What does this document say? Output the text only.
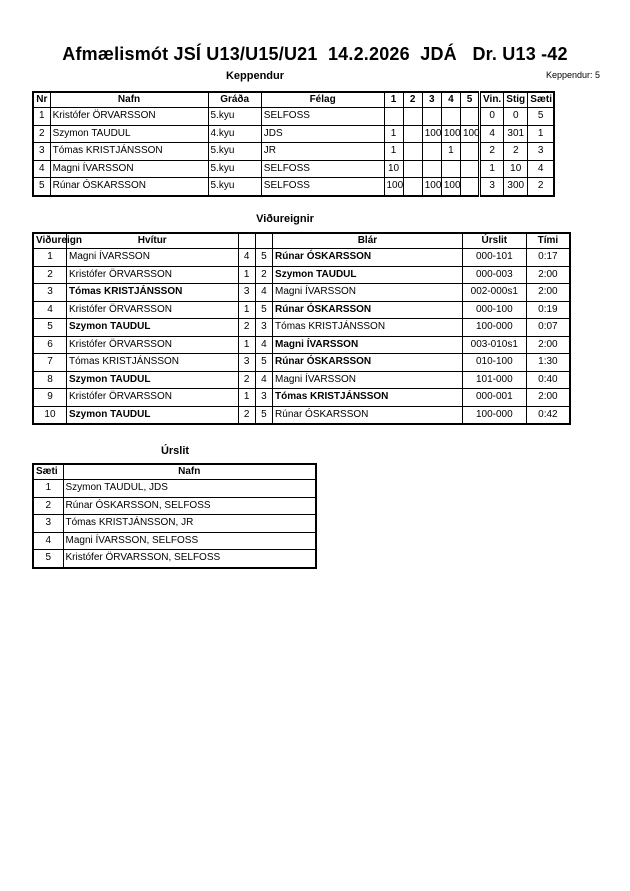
Afmælismót JSÍ U13/U15/U21  14.2.2026  JDÁ   Dr. U13 -42
Keppendur: 5
Keppendur
Nr	Nafn	Gráða	Félag	1	2	3	4	5	Vin.	Stig	Sæti
1	Kristófer ÖRVARSSON	5.kyu	SELFOSS						0	0	5
2	Szymon TAUDUL	4.kyu	JDS	1		100	100	100	4	301	1
3	Tómas KRISTJÁNSSON	5.kyu	JR	1			1		2	2	3
4	Magni ÍVARSSON	5.kyu	SELFOSS	10					1	10	4
5	Rúnar ÓSKARSSON	5.kyu	SELFOSS	100		100	100		3	300	2
Viðureignir
Viðureign	Hvítur			Blár	Úrslit	Tími
1	Magni ÍVARSSON	4	5	Rúnar ÓSKARSSON	000-101	0:17
2	Kristófer ÖRVARSSON	1	2	Szymon TAUDUL	000-003	2:00
3	Tómas KRISTJÁNSSON	3	4	Magni ÍVARSSON	002-000s1	2:00
4	Kristófer ÖRVARSSON	1	5	Rúnar ÓSKARSSON	000-100	0:19
5	Szymon TAUDUL	2	3	Tómas KRISTJÁNSSON	100-000	0:07
6	Kristófer ÖRVARSSON	1	4	Magni ÍVARSSON	003-010s1	2:00
7	Tómas KRISTJÁNSSON	3	5	Rúnar ÓSKARSSON	010-100	1:30
8	Szymon TAUDUL	2	4	Magni ÍVARSSON	101-000	0:40
9	Kristófer ÖRVARSSON	1	3	Tómas KRISTJÁNSSON	000-001	2:00
10	Szymon TAUDUL	2	5	Rúnar ÓSKARSSON	100-000	0:42
Úrslit
Sæti	Nafn
1	Szymon TAUDUL, JDS
2	Rúnar ÓSKARSSON, SELFOSS
3	Tómas KRISTJÁNSSON, JR
4	Magni ÍVARSSON, SELFOSS
5	Kristófer ÖRVARSSON, SELFOSS
